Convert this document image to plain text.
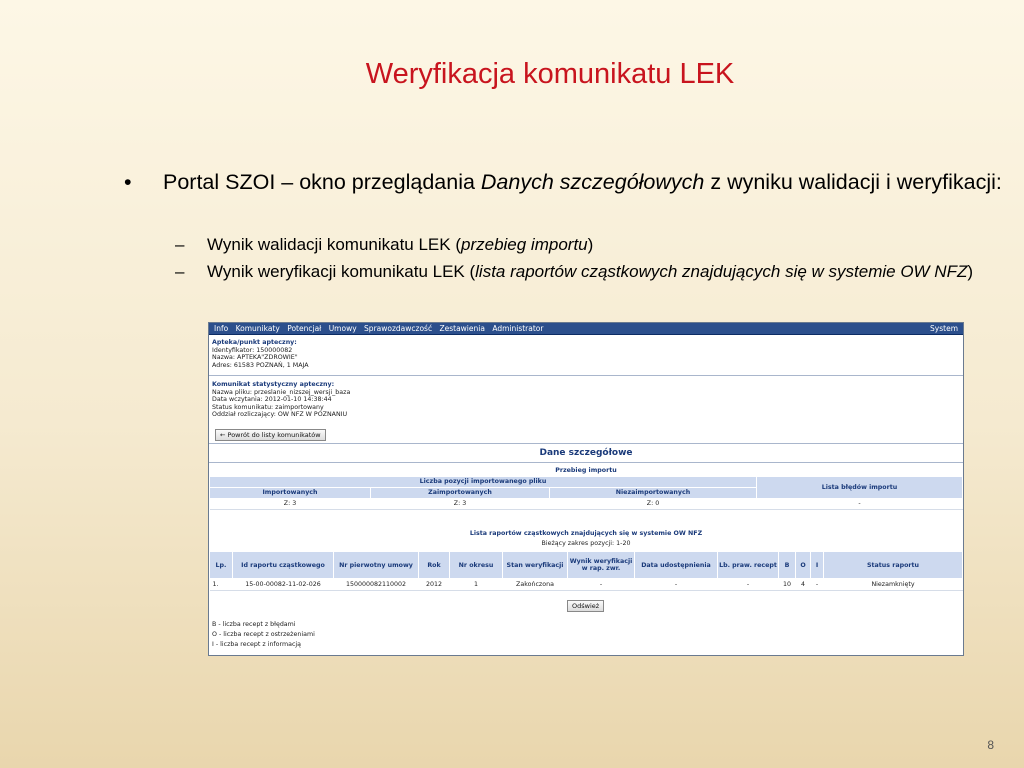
Weryfikacja komunikatu LEK
• Portal SZOI – okno przeglądania Danych szczegółowych z wyniku walidacji i weryfikacji:
– Wynik walidacji komunikatu LEK (przebieg importu)
– Wynik weryfikacji komunikatu LEK (lista raportów cząstkowych znajdujących się w systemie OW NFZ)
Info Komunikaty Potencjał Umowy Sprawozdawczość Zestawienia Administrator	System
Apteka/punkt apteczny:
Identyfikator: 150000082
Nazwa: APTEKA"ZDROWIE"
Adres: 61583 POZNAŃ, 1 MAJA
Komunikat statystyczny apteczny:
Nazwa pliku: przeslanie_nizszej_wersji_baza
Data wczytania: 2012-01-10 14:38:44
Status komunikatu: zaimportowany
Oddział rozliczający: OW NFZ W POZNANIU
← Powrót do listy komunikatów
Dane szczegółowe
Przebieg importu			
Liczba pozycji importowanego pliku			Lista błędów importu
Importowanych	Zaimportowanych	Niezaimportowanych	
Z: 3	Z: 3	Z: 0	-
Lista raportów cząstkowych znajdujących się w systemie OW NFZ
Bieżący zakres pozycji: 1-20
Lp.	Id raportu cząstkowego	Nr pierwotny umowy	Rok	Nr okresu	Stan weryfikacji	Wynik weryfikacji w rap. zwr.	Data udostępnienia	Lb. praw. recept	B	O	I	Status raportu
1.	15-00-00082-11-02-026	150000082110002	2012	1	Zakończona	-	-	-	10	4	-	Niezamknięty
Odśwież
B - liczba recept z błędami
O - liczba recept z ostrzeżeniami
I - liczba recept z informacją
8
